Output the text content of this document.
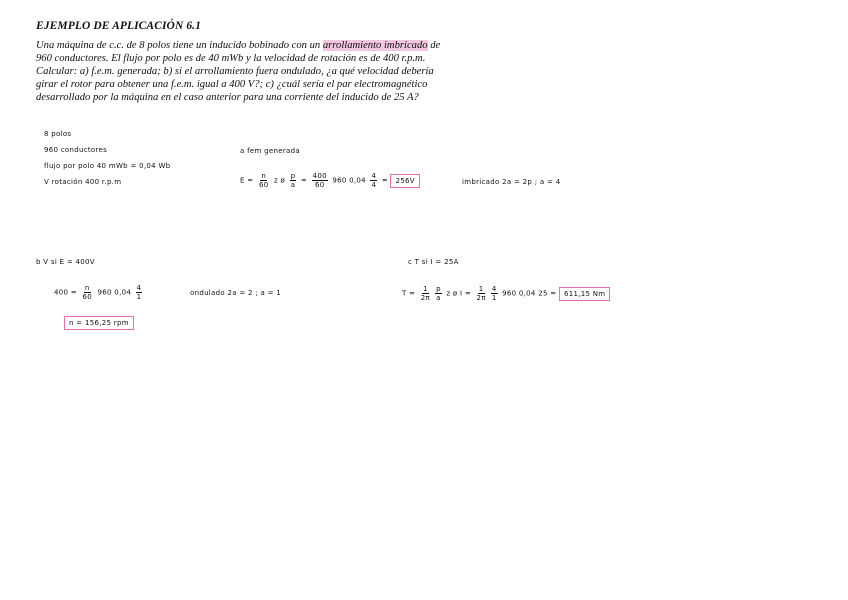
EJEMPLO DE APLICACIÓN 6.1
Una máquina de c.c. de 8 polos tiene un inducido bobinado con un arrollamiento imbricado de
960 conductores. El flujo por polo es de 40 mWb y la velocidad de rotación es de 400 r.p.m.
Calcular: a) f.e.m. generada; b) si el arrollamiento fuera ondulado, ¿a qué velocidad debería
girar el rotor para obtener una f.e.m. igual a 400 V?; c) ¿cuál sería el par electromagnético
desarrollado por la máquina en el caso anterior para una corriente del inducido de 25 A?
8 polos
960 conductores
flujo por polo 40 mWb = 0,04 Wb
V rotación 400 r.p.m
a fem generada
$E = \frac{n}{60}$ z ø $\frac{p}{a} = \frac{400}{60} 960$ $0,04 \frac{4}{4} = 256V$	imbricado 2a = 2p ; a = 4
b V si E = 400V
$400 = \frac{n}{60} 960$ $0,04 \frac{4}{1}$	ondulado 2a = 2 ; a = 1
n = 156,25 rpm
c T si I = 25A
$T = \frac{1}{2\pi} \frac{p}{a}$ z ø $I = \frac{1}{2\pi} \frac{4}{1} 960$ 0,04 25 = 611,15 Nm
